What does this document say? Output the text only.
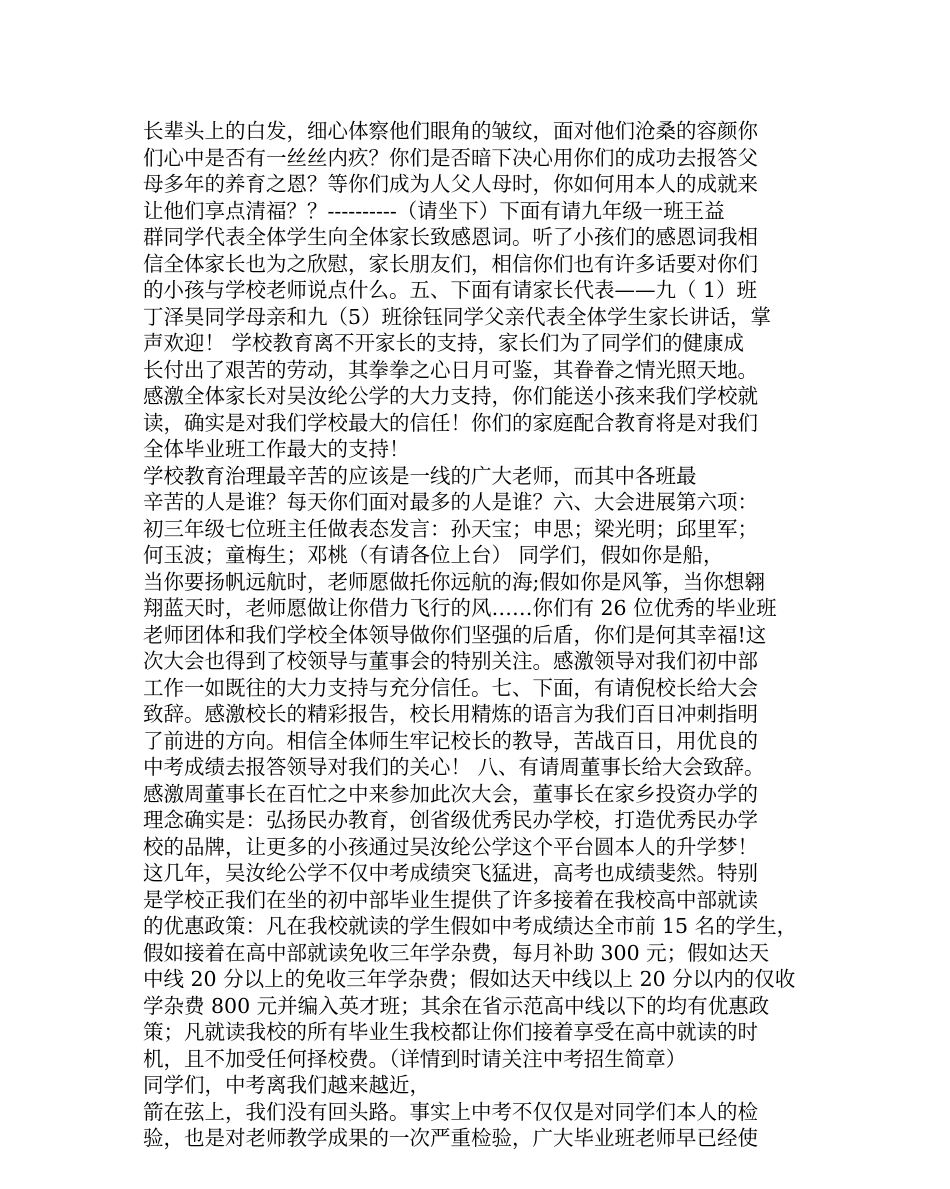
长辈头上的白发，细心体察他们眼角的皱纹，面对他们沧桑的容颜你
们心中是否有一丝丝内疚？你们是否暗下决心用你们的成功去报答父
母多年的养育之恩？等你们成为人父人母时，你如何用本人的成就来
让他们享点清福？？----------（请坐下）下面有请九年级一班王益
群同学代表全体学生向全体家长致感恩词。听了小孩们的感恩词我相
信全体家长也为之欣慰，家长朋友们，相信你们也有许多话要对你们
的小孩与学校老师说点什么。五、下面有请家长代表——九（ 1）班
丁泽昊同学母亲和九（5）班徐钰同学父亲代表全体学生家长讲话，掌
声欢迎！ 学校教育离不开家长的支持，家长们为了同学们的健康成
长付出了艰苦的劳动，其拳拳之心日月可鉴，其眷眷之情光照天地。
感激全体家长对吴汝纶公学的大力支持，你们能送小孩来我们学校就
读，确实是对我们学校最大的信任！你们的家庭配合教育将是对我们
全体毕业班工作最大的支持！
学校教育治理最辛苦的应该是一线的广大老师，而其中各班最
辛苦的人是谁？每天你们面对最多的人是谁？六、大会进展第六项：
初三年级七位班主任做表态发言：孙天宝；申思；梁光明；邱里军；
何玉波；童梅生；邓桃（有请各位上台） 同学们，假如你是船，
当你要扬帆远航时，老师愿做托你远航的海;假如你是风筝，当你想翱
翔蓝天时，老师愿做让你借力飞行的风……你们有 26 位优秀的毕业班
老师团体和我们学校全体领导做你们坚强的后盾，你们是何其幸福!这
次大会也得到了校领导与董事会的特别关注。感激领导对我们初中部
工作一如既往的大力支持与充分信任。七、下面，有请倪校长给大会
致辞。感激校长的精彩报告，校长用精炼的语言为我们百日冲刺指明
了前进的方向。相信全体师生牢记校长的教导，苦战百日，用优良的
中考成绩去报答领导对我们的关心！ 八、有请周董事长给大会致辞。
感激周董事长在百忙之中来参加此次大会，董事长在家乡投资办学的
理念确实是：弘扬民办教育，创省级优秀民办学校，打造优秀民办学
校的品牌，让更多的小孩通过吴汝纶公学这个平台圆本人的升学梦！
这几年，吴汝纶公学不仅中考成绩突飞猛进，高考也成绩斐然。特别
是学校正我们在坐的初中部毕业生提供了许多接着在我校高中部就读
的优惠政策：凡在我校就读的学生假如中考成绩达全市前 15 名的学生，
假如接着在高中部就读免收三年学杂费，每月补助 300 元；假如达天
中线 20 分以上的免收三年学杂费；假如达天中线以上 20 分以内的仅收
学杂费 800 元并编入英才班；其余在省示范高中线以下的均有优惠政
策；凡就读我校的所有毕业生我校都让你们接着享受在高中就读的时
机，且不加受任何择校费。（详情到时请关注中考招生简章）
同学们，中考离我们越来越近，
箭在弦上，我们没有回头路。事实上中考不仅仅是对同学们本人的检
验，也是对老师教学成果的一次严重检验，广大毕业班老师早已经使
